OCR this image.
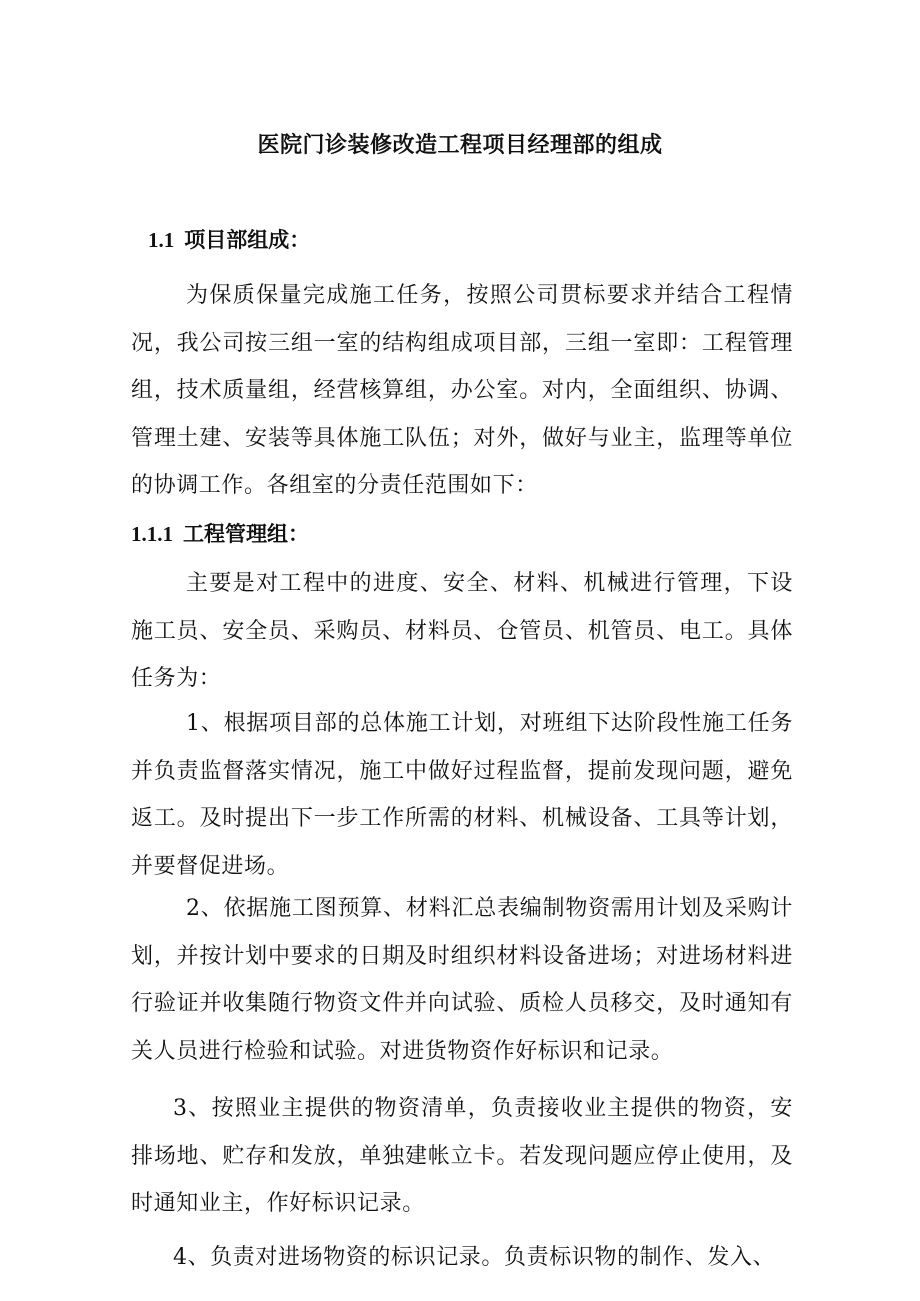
医院门诊装修改造工程项目经理部的组成
1.1 项目部组成：

为保质保量完成施工任务，按照公司贯标要求并结合工程情况，我公司按三组一室的结构组成项目部，三组一室即：工程管理组，技术质量组，经营核算组，办公室。对内，全面组织、协调、管理土建、安装等具体施工队伍；对外，做好与业主，监理等单位的协调工作。各组室的分责任范围如下：

1.1.1 工程管理组：

主要是对工程中的进度、安全、材料、机械进行管理，下设施工员、安全员、采购员、材料员、仓管员、机管员、电工。具体任务为：

1、根据项目部的总体施工计划，对班组下达阶段性施工任务并负责监督落实情况，施工中做好过程监督，提前发现问题，避免返工。及时提出下一步工作所需的材料、机械设备、工具等计划，并要督促进场。

2、依据施工图预算、材料汇总表编制物资需用计划及采购计划，并按计划中要求的日期及时组织材料设备进场；对进场材料进行验证并收集随行物资文件并向试验、质检人员移交，及时通知有关人员进行检验和试验。对进货物资作好标识和记录。

3、按照业主提供的物资清单，负责接收业主提供的物资，安排场地、贮存和发放，单独建帐立卡。若发现问题应停止使用，及时通知业主，作好标识记录。

4、负责对进场物资的标识记录。负责标识物的制作、发入、
